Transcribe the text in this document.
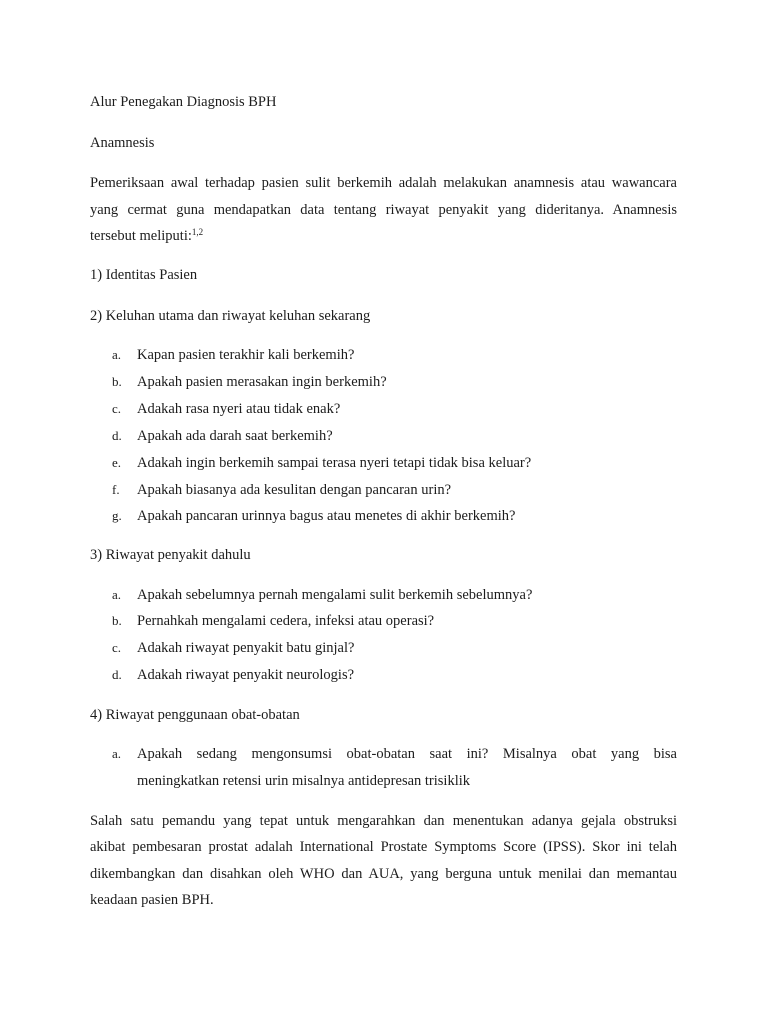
Alur Penegakan Diagnosis BPH
Anamnesis
Pemeriksaan awal terhadap pasien sulit berkemih adalah melakukan anamnesis atau wawancara
yang cermat guna mendapatkan data tentang riwayat penyakit yang dideritanya. Anamnesis
tersebut meliputi:$^{1,2}$
1) Identitas Pasien
2) Keluhan utama dan riwayat keluhan sekarang
a.	Kapan pasien terakhir kali berkemih?
b.	Apakah pasien merasakan ingin berkemih?
c.	Adakah rasa nyeri atau tidak enak?
d.	Apakah ada darah saat berkemih?
e.	Adakah ingin berkemih sampai terasa nyeri tetapi tidak bisa keluar?
f.	Apakah biasanya ada kesulitan dengan pancaran urin?
g.	Apakah pancaran urinnya bagus atau menetes di akhir berkemih?
3) Riwayat penyakit dahulu
a.	Apakah sebelumnya pernah mengalami sulit berkemih sebelumnya?
b.	Pernahkah mengalami cedera, infeksi atau operasi?
c.	Adakah riwayat penyakit batu ginjal?
d.	Adakah riwayat penyakit neurologis?
4) Riwayat penggunaan obat-obatan
a.	Apakah sedang mengonsumsi obat-obatan saat ini? Misalnya obat yang bisa
meningkatkan retensi urin misalnya antidepresan trisiklik
Salah satu pemandu yang tepat untuk mengarahkan dan menentukan adanya gejala obstruksi
akibat pembesaran prostat adalah International Prostate Symptoms Score (IPSS). Skor ini telah
dikembangkan dan disahkan oleh WHO dan AUA, yang berguna untuk menilai dan memantau
keadaan pasien BPH.
